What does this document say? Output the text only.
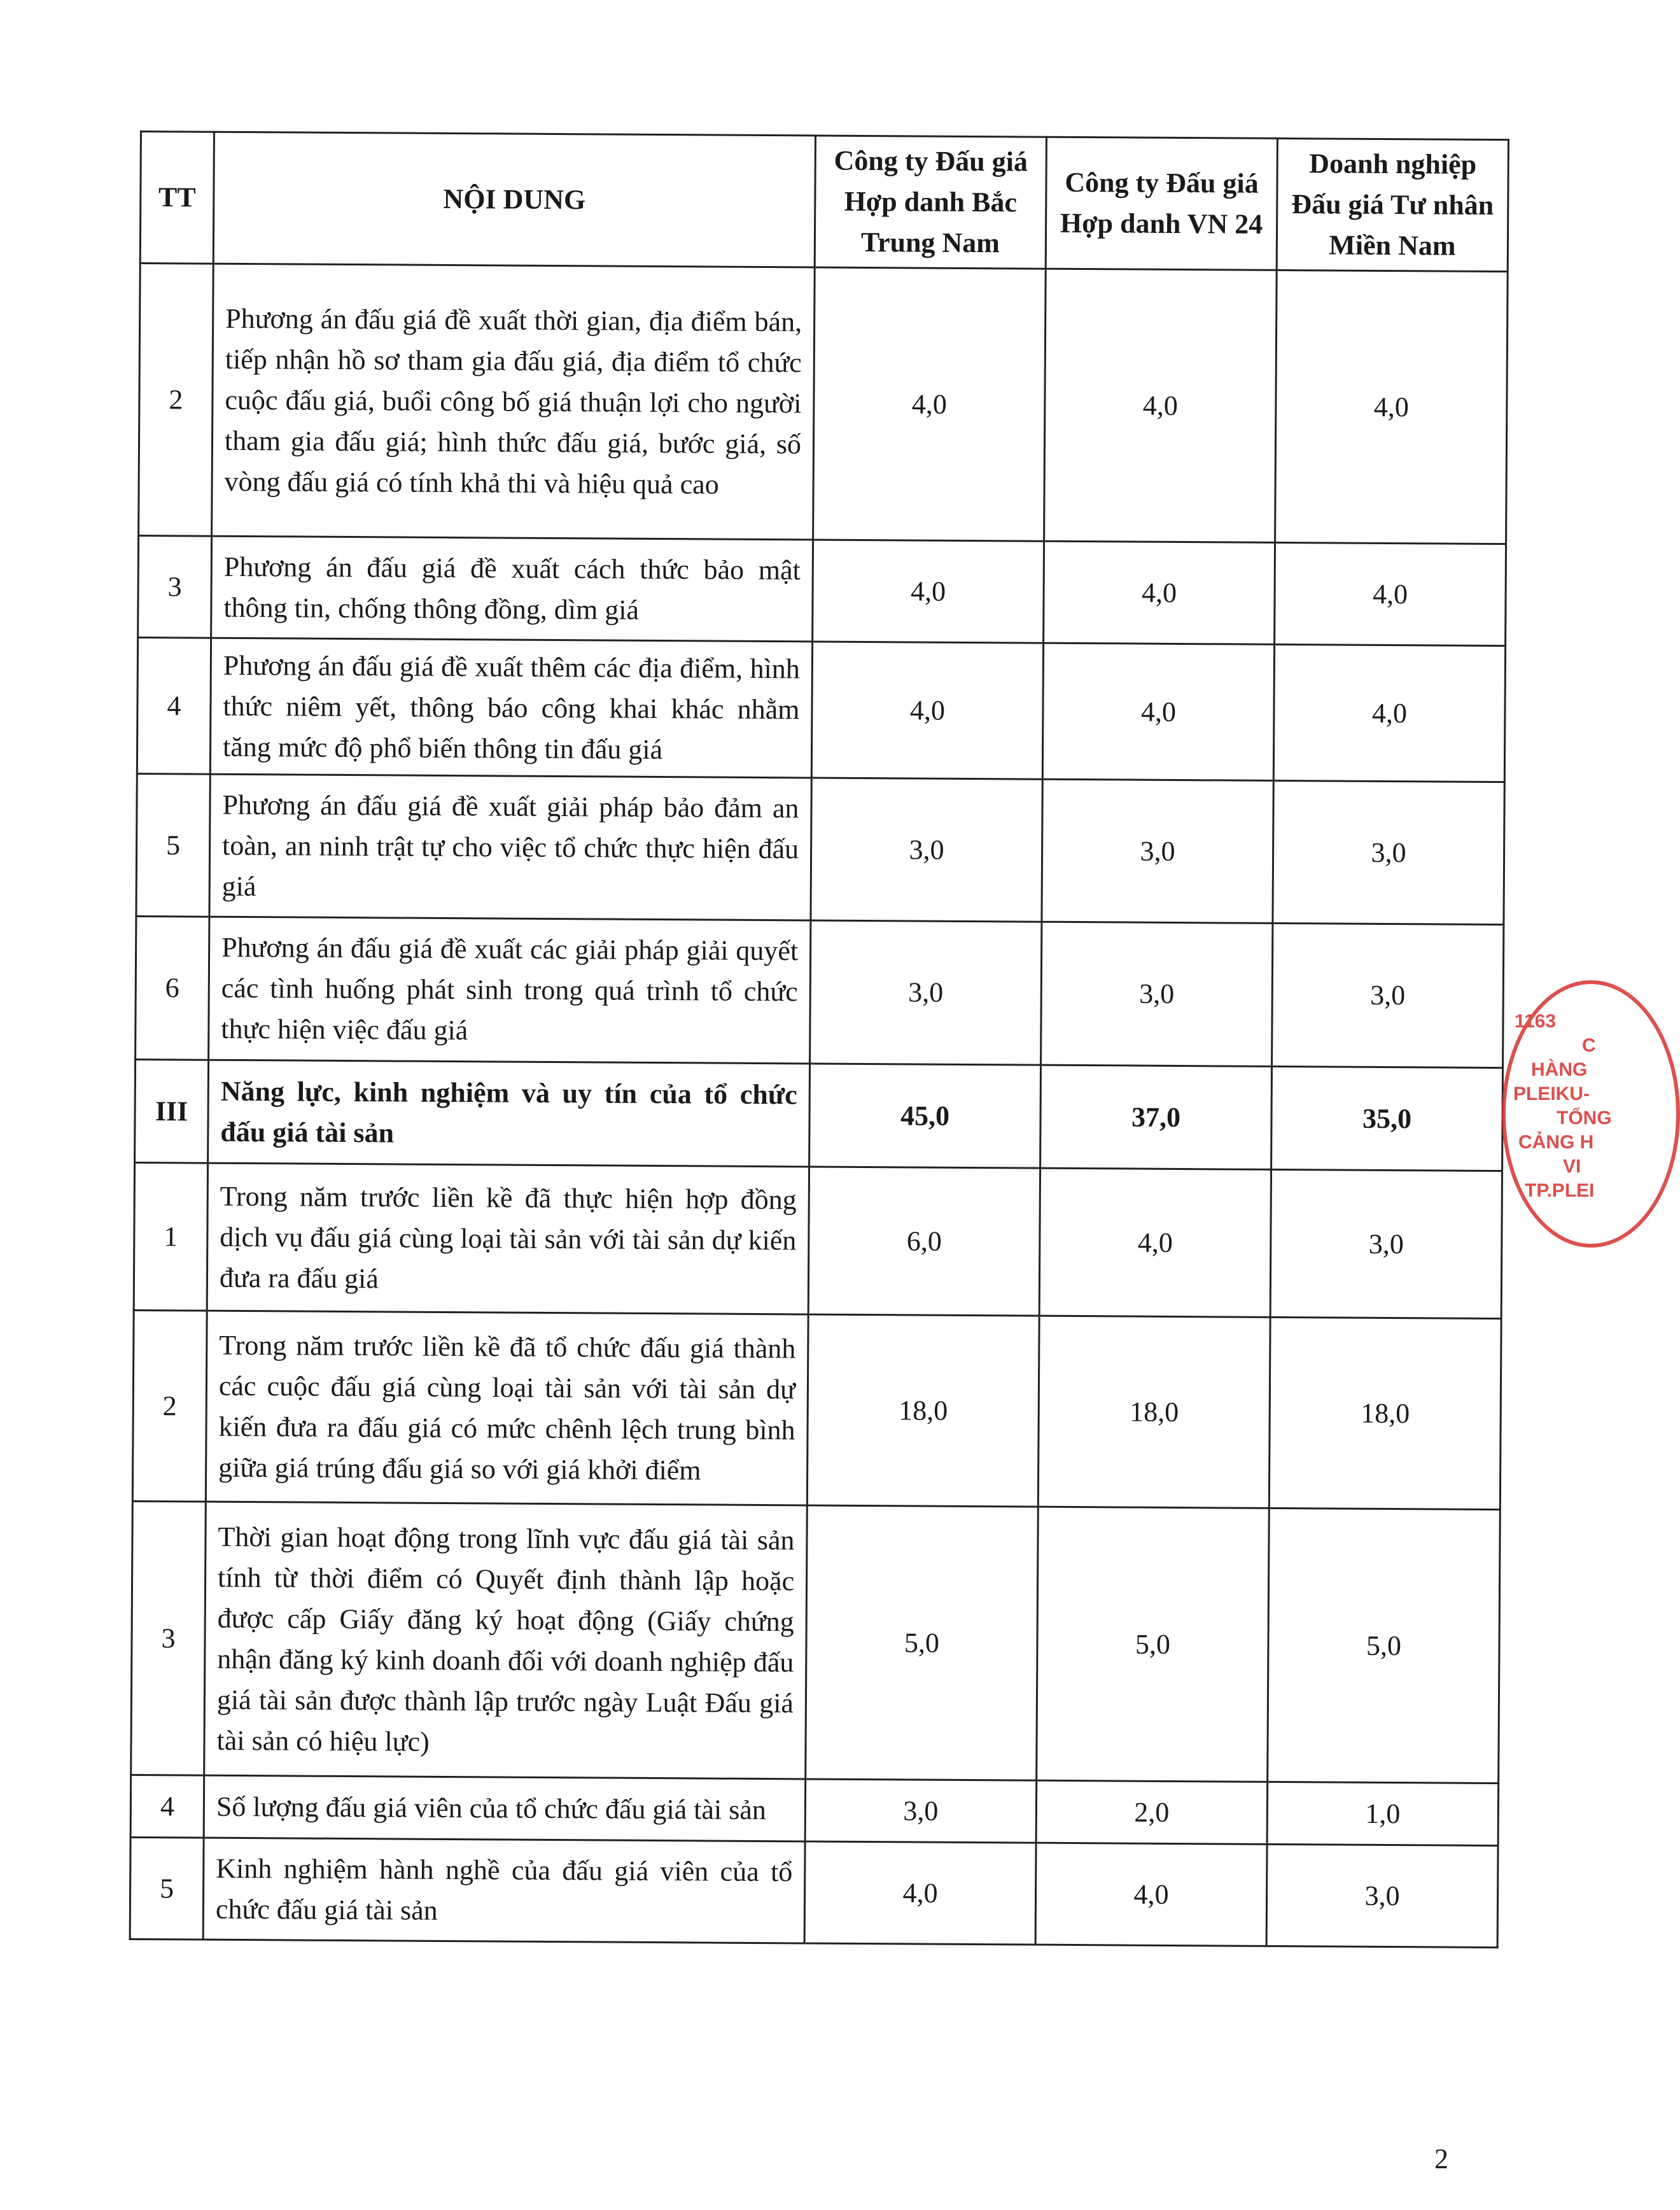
TT	NỘI DUNG	Công ty Đấu giá Hợp danh Bắc Trung Nam	Công ty Đấu giá Hợp danh VN 24	Doanh nghiệp Đấu giá Tư nhân Miền Nam
2	Phương án đấu giá đề xuất thời gian, địa điểm bán, tiếp nhận hồ sơ tham gia đấu giá, địa điểm tổ chức cuộc đấu giá, buổi công bố giá thuận lợi cho người tham gia đấu giá; hình thức đấu giá, bước giá, số vòng đấu giá có tính khả thi và hiệu quả cao	4,0	4,0	4,0
3	Phương án đấu giá đề xuất cách thức bảo mật thông tin, chống thông đồng, dìm giá	4,0	4,0	4,0
4	Phương án đấu giá đề xuất thêm các địa điểm, hình thức niêm yết, thông báo công khai khác nhằm tăng mức độ phổ biến thông tin đấu giá	4,0	4,0	4,0
5	Phương án đấu giá đề xuất giải pháp bảo đảm an toàn, an ninh trật tự cho việc tổ chức thực hiện đấu giá	3,0	3,0	3,0
6	Phương án đấu giá đề xuất các giải pháp giải quyết các tình huống phát sinh trong quá trình tổ chức thực hiện việc đấu giá	3,0	3,0	3,0
III	Năng lực, kinh nghiệm và uy tín của tổ chức đấu giá tài sản	45,0	37,0	35,0
1	Trong năm trước liền kề đã thực hiện hợp đồng dịch vụ đấu giá cùng loại tài sản với tài sản dự kiến đưa ra đấu giá	6,0	4,0	3,0
2	Trong năm trước liền kề đã tổ chức đấu giá thành các cuộc đấu giá cùng loại tài sản với tài sản dự kiến đưa ra đấu giá có mức chênh lệch trung bình giữa giá trúng đấu giá so với giá khởi điểm	18,0	18,0	18,0
3	Thời gian hoạt động trong lĩnh vực đấu giá tài sản tính từ thời điểm có Quyết định thành lập hoặc được cấp Giấy đăng ký hoạt động (Giấy chứng nhận đăng ký kinh doanh đối với doanh nghiệp đấu giá tài sản được thành lập trước ngày Luật Đấu giá tài sản có hiệu lực)	5,0	5,0	5,0
4	Số lượng đấu giá viên của tổ chức đấu giá tài sản	3,0	2,0	1,0
5	Kinh nghiệm hành nghề của đấu giá viên của tổ chức đấu giá tài sản	4,0	4,0	3,0
1163
C
HÀNG
PLEIKU-
TỔNG
CẢNG H
VI
TP.PLEI
2
